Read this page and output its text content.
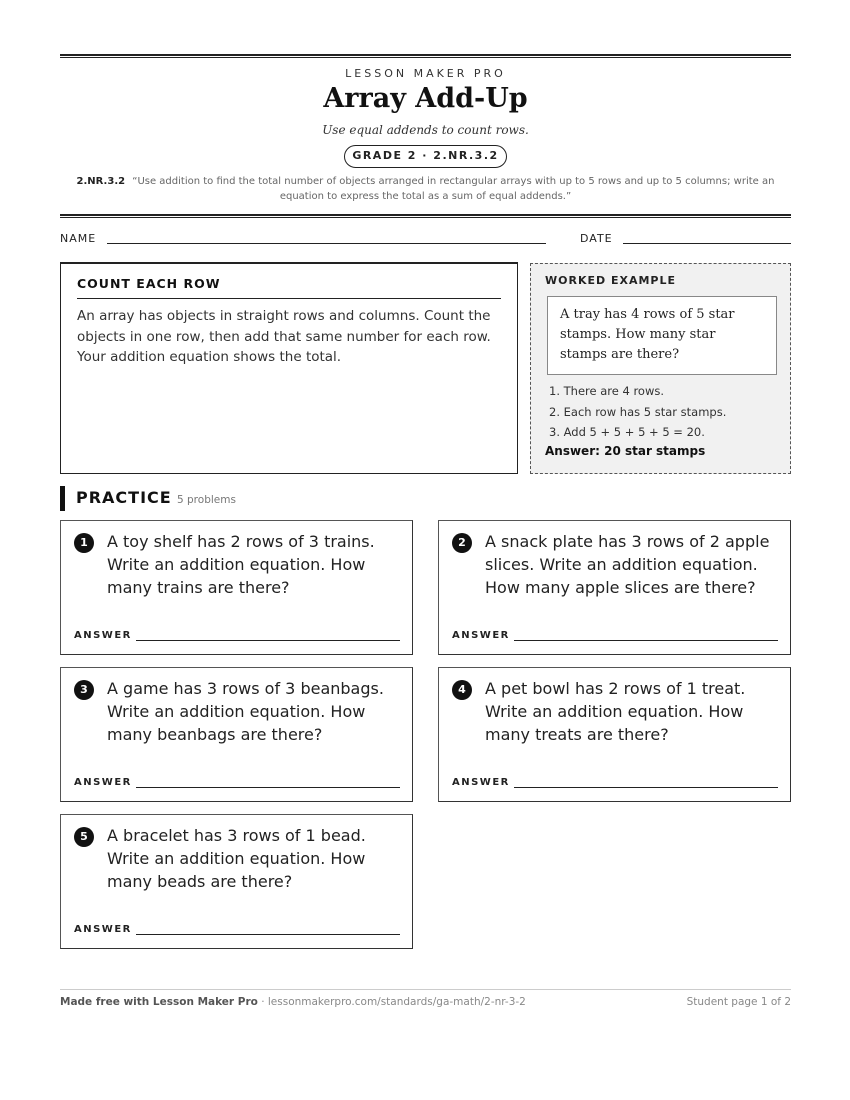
LESSON MAKER PRO
Array Add-Up
Use equal addends to count rows.
GRADE 2 · 2.NR.3.2
2.NR.3.2 “Use addition to find the total number of objects arranged in rectangular arrays with up to 5 rows and up to 5 columns; write an equation to express the total as a sum of equal addends.”
NAME	DATE
COUNT EACH ROW
An array has objects in straight rows and columns. Count the objects in one row, then add that same number for each row. Your addition equation shows the total.
WORKED EXAMPLE
A tray has 4 rows of 5 star stamps. How many star stamps are there?
1. There are 4 rows.
2. Each row has 5 star stamps.
3. Add 5 + 5 + 5 + 5 = 20.
Answer: 20 star stamps
PRACTICE 5 problems
1	A toy shelf has 2 rows of 3 trains. Write an addition equation. How many trains are there?
ANSWER
2	A snack plate has 3 rows of 2 apple slices. Write an addition equation. How many apple slices are there?
ANSWER
3	A game has 3 rows of 3 beanbags. Write an addition equation. How many beanbags are there?
ANSWER
4	A pet bowl has 2 rows of 1 treat. Write an addition equation. How many treats are there?
ANSWER
5	A bracelet has 3 rows of 1 bead. Write an addition equation. How many beads are there?
ANSWER
Made free with Lesson Maker Pro · lessonmakerpro.com/standards/ga-math/2-nr-3-2	Student page 1 of 2
